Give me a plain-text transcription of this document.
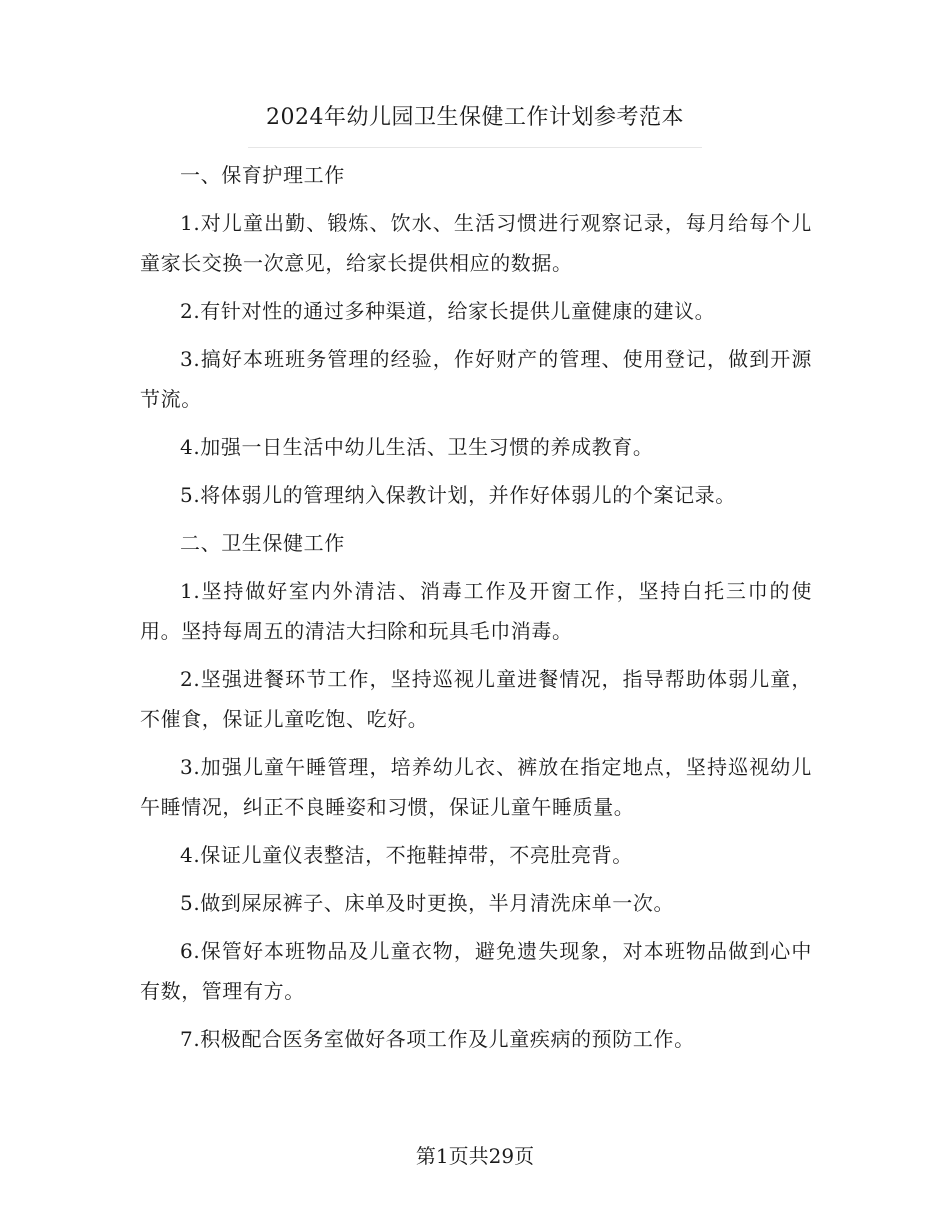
2024年幼儿园卫生保健工作计划参考范本

一、保育护理工作

1.对儿童出勤、锻炼、饮水、生活习惯进行观察记录，每月给每个儿童家长交换一次意见，给家长提供相应的数据。

2.有针对性的通过多种渠道，给家长提供儿童健康的建议。

3.搞好本班班务管理的经验，作好财产的管理、使用登记，做到开源节流。

4.加强一日生活中幼儿生活、卫生习惯的养成教育。

5.将体弱儿的管理纳入保教计划，并作好体弱儿的个案记录。

二、卫生保健工作

1.坚持做好室内外清洁、消毒工作及开窗工作，坚持白托三巾的使用。坚持每周五的清洁大扫除和玩具毛巾消毒。

2.坚强进餐环节工作，坚持巡视儿童进餐情况，指导帮助体弱儿童，不催食，保证儿童吃饱、吃好。

3.加强儿童午睡管理，培养幼儿衣、裤放在指定地点，坚持巡视幼儿午睡情况，纠正不良睡姿和习惯，保证儿童午睡质量。

4.保证儿童仪表整洁，不拖鞋掉带，不亮肚亮背。

5.做到屎尿裤子、床单及时更换，半月清洗床单一次。

6.保管好本班物品及儿童衣物，避免遗失现象，对本班物品做到心中有数，管理有方。

7.积极配合医务室做好各项工作及儿童疾病的预防工作。

第1页共29页
